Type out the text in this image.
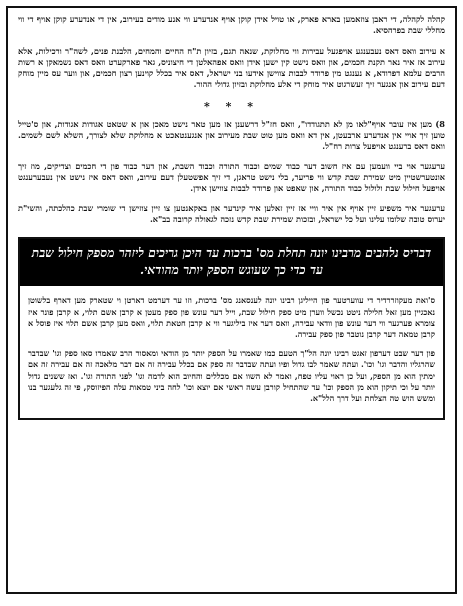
קהלה לקהלה, די ראבן צוזאמען בארא פארק, או טויל אידן קוקן אויף אנדערע ווי אנע מודים בעירוב, אין די אנדערע קוקן אויף די ווי מחללי שבת בפרהסיא.

א עירוב וואס דאס נעבענגע אויפגעל עבירות ווי מחלוקת, שנאה תגם, בזיון ת"ח החיים והמחים, הלבנת פנים, לשה"ר ורכילות, אלא עירוב אז איר נאר תקנת חכמים, און וואס נישט קין ישען אידן וואס אפהאלטן די חיצוניס, גאר פארקערט וואס דאס נשמאקן א רשות הרבים עלמא דפרודא, א נענגט מין פרודר לבבות צווישן אידעו בני ישראל, דאס איר בכלל קוינען רצון חכמים, און ווער עס מיין מוחק דעם עירוב און אנגער זיך זעשרגוט איר מוחק די אלע מחלוקת ובזיון גדולי ההור.

* * *

8) מען איז עובר אויף"לאו מן לא תתגודדו", וואס חז"ל דרשענן אז מען טאר נישט מאכן און א שטאט אגודות אגודות, און ס'טייל טוען זיך אויי אין אנדערע ארבעטן, אין דא וואס מען טוט שבת מעירוב און אנגענטאכט א מחלוקת שלא לצורך, השלא לשם לשמים. וואס דאס ברענגט אויפעל צרות רח"ל.

ערעגער אוי ביי וועמען עם איז חשוב דער כבוד שמים וכבוד התורה וכבוד השבת, און דער כבוד פון די חכמים וצדיקים, מוז זיך אונטערשטיין מיט שמירת שבת קדש ווי פריער, בלי נישט טראגן, די זיך אפשטעלן דעם עירוב, וואס דאס איז נישט אין נעבערענגט אויפעל חילול שבת ולולול כבוד התורה, און שאפט און פרודר לבבות צווישן אידן.

ערעגער איר משפיע זיין אויף אין איר וויי אז זיין זאלען איר קינדער און באקאנטען צו זיין צוזישן די שומרי שבת כהלכתה, והשי"ת יערוס טובה שלומו עלינו ועל כל ישראל, ובזכות שמירת שבת קדש נזכה לגאולה קרובה בב"א.

דבריס נלהבים מרבינו יונה תחלת מס' ברכות עד היכן גריכים ליזהר מספק חילול שבת עד כדי כך שעוגש הספק יותר מהודאי.

ס'ואת מעקוזררדיר די עווערטער פון הייליגן רבינו יונה לענסאנג מס' ברכות, וזו ער דערמט דארטן וי שטארק מען דארף בלשוטן נאכגיין מען זאל חלילה ניטט נכשל ווערן מיט ספק חילול שבת, וייל דער עונש פון ספק מעטן א קרבן אשם תלוי, א קרבן פונר איז צומרא פערגער ווי דער עונש פון וודאי עבירה, וואס דער איז ביליגער ווי א קרבן חטאת תלוי, וואס מען קרבן אשם תלוי איז פוסל א קרבן טמאה דער קרבן נוטבר פון ספק עבירה.

פון דער שבט דערפון זאגט רבינו יונה הל"ך הטעם כמו שאמרו על הספק יותר מן הודאי ומאסור הרב שאמרו סאו ספק וגו' שבדבר שהרגליו והדבר וגו' וכו'. ועתה שאמר לבו גדול ופיו ועתה שבדבר זה ספק אם בכלל עבירה זה אם דבר מלאכה זה אם עבירה זה אם ימתין הוא מן הספק, ועל כן ראוי עליו טפח, ואמר לא השוו אם מכללים והחיוב הוא לדמה וגו' לפני התורה וגו'. ואז ששנים גדול יותר על וכי תיקון הוא מן הספק וכו' עד שהתחיל קורבן עשה ראשי אם יוצא וכו' לחה ביני טמאות עלה הפיזוסק, פי זה גלעגער בנו ומשש הוש טה הצלחת ועל דרך הלל"א.
